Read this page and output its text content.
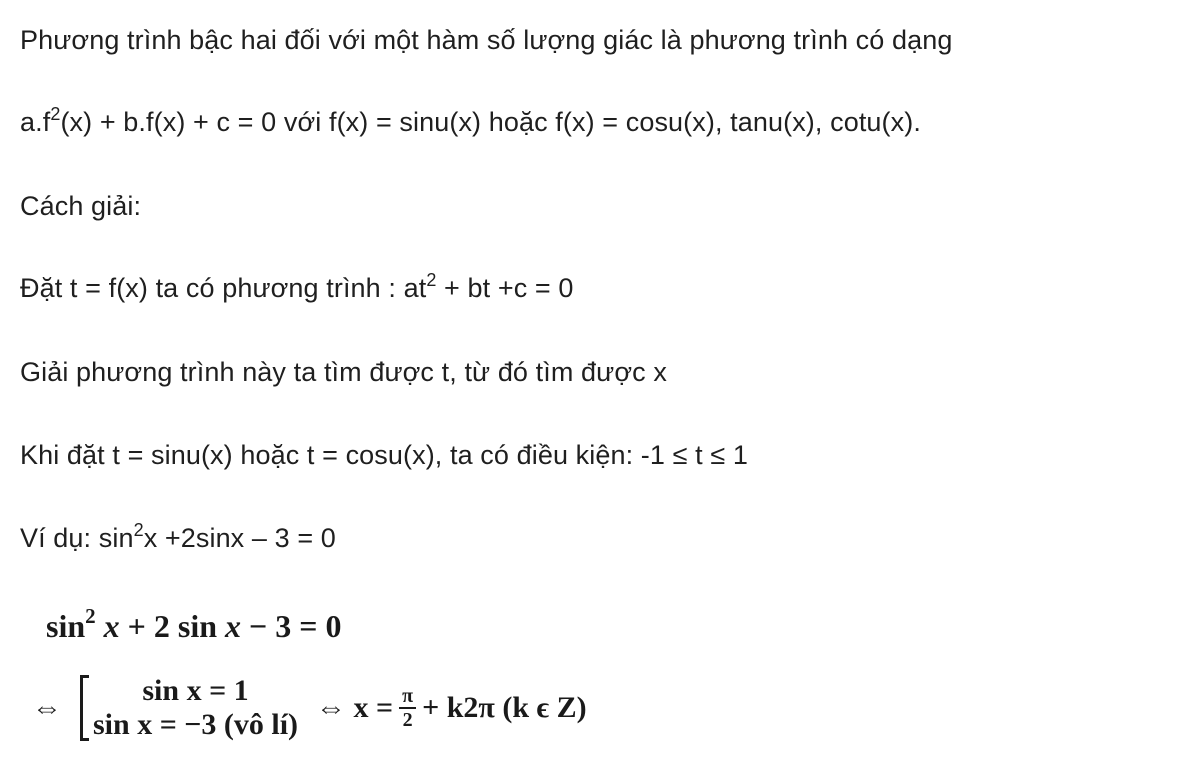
Phương trình bậc hai đối với một hàm số lượng giác là phương trình có dạng
$a.f^2(x) + b.f(x) + c = 0$ với f(x) = sinu(x) hoặc f(x) = cosu(x), tanu(x), cotu(x).
Cách giải:
Đặt t = f(x) ta có phương trình : $at^2$ + bt +c = 0
Giải phương trình này ta tìm được t, từ đó tìm được x
Khi đặt t = sinu(x) hoặc t = cosu(x), ta có điều kiện: -1 ≤ t ≤ 1
Ví dụ: $\sin^2x +2\sin x - 3 = 0$
$\sin^2 x + 2$ sin x − 3 = 0
⇔
sin x = 1
sin x = −3 (vô lí)
⇔ $x = \frac{\pi}{2} + k2\pi$ (k ϵ Z)
